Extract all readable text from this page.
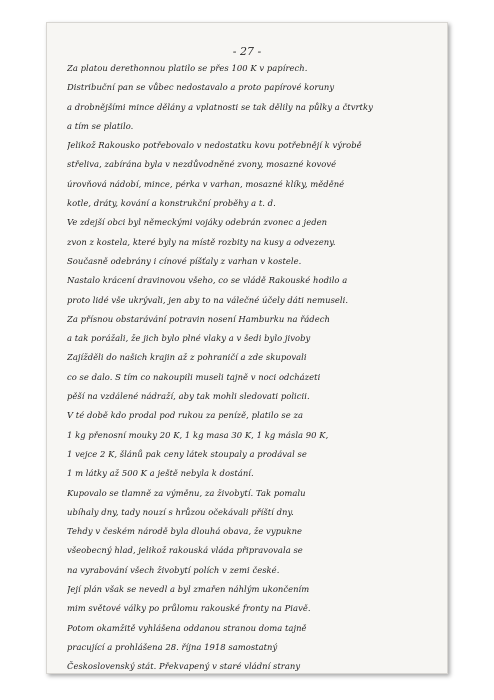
- 27 -
Za platou derethonnou platilo se přes 100 K v papírech.
Distribuční pan se vůbec nedostavalo a proto papírové koruny
a drobnějšími mince dělány a vplatnosti se tak dělily na půlky a čtvrtky
a tím se platilo.
Jelikož Rakousko potřebovalo v nedostatku kovu potřebnějí k výrobě
střeliva, zabírána byla v nezdůvodněné zvony, mosazné kovové
úrovňová nádobí, mince, pérka v varhan, mosazné klíky, měděné
kotle, dráty, kování a konstrukční proběhy a t. d.
Ve zdejší obci byl německými vojáky odebrán zvonec a jeden
zvon z kostela, které byly na místě rozbity na kusy a odvezeny.
Současně odebrány i cínové píšťaly z varhan v kostele.
Nastalo krácení dravinovou všeho, co se vládě Rakouské hodilo a
proto lidé vše ukrývali, jen aby to na válečné účely dáti nemuseli.
Za přísnou obstarávání potravin nosení Hamburku na řádech
a tak porážali, že jich bylo plné vlaky a v šedi bylo jivoby
Zajížděli do našich krajin až z pohraničí a zde skupovali
co se dalo. S tím co nakoupili museli tajně v noci odcházeti
pěší na vzdálené nádraží, aby tak mohli sledovati policii.
V té době kdo prodal pod rukou za penízě, platilo se za
1 kg přenosní mouky 20 K, 1 kg masa 30 K, 1 kg másla 90 K,
1 vejce 2 K, šlánů pak ceny látek stoupaly a prodával se
1 m látky až 500 K a ještě nebyla k dostání.
Kupovalo se tlamně za výměnu, za živobytí. Tak pomalu
ubíhaly dny, tady nouzí s hrůzou očekávali příští dny.
Tehdy v českém národě byla dlouhá obava, že vypukne
všeobecný hlad, jelikož rakouská vláda připravovala se
na vyrabování všech živobytí polích v zemi české.
Její plán však se nevedl a byl zmařen náhlým ukončením
mim světové války po průlomu rakouské fronty na Piavě.
Potom okamžitě vyhlášena oddanou stranou doma tajně
pracující a prohlášena 28. října 1918 samostatný
Československý stát. Překvapený v staré vládní strany
